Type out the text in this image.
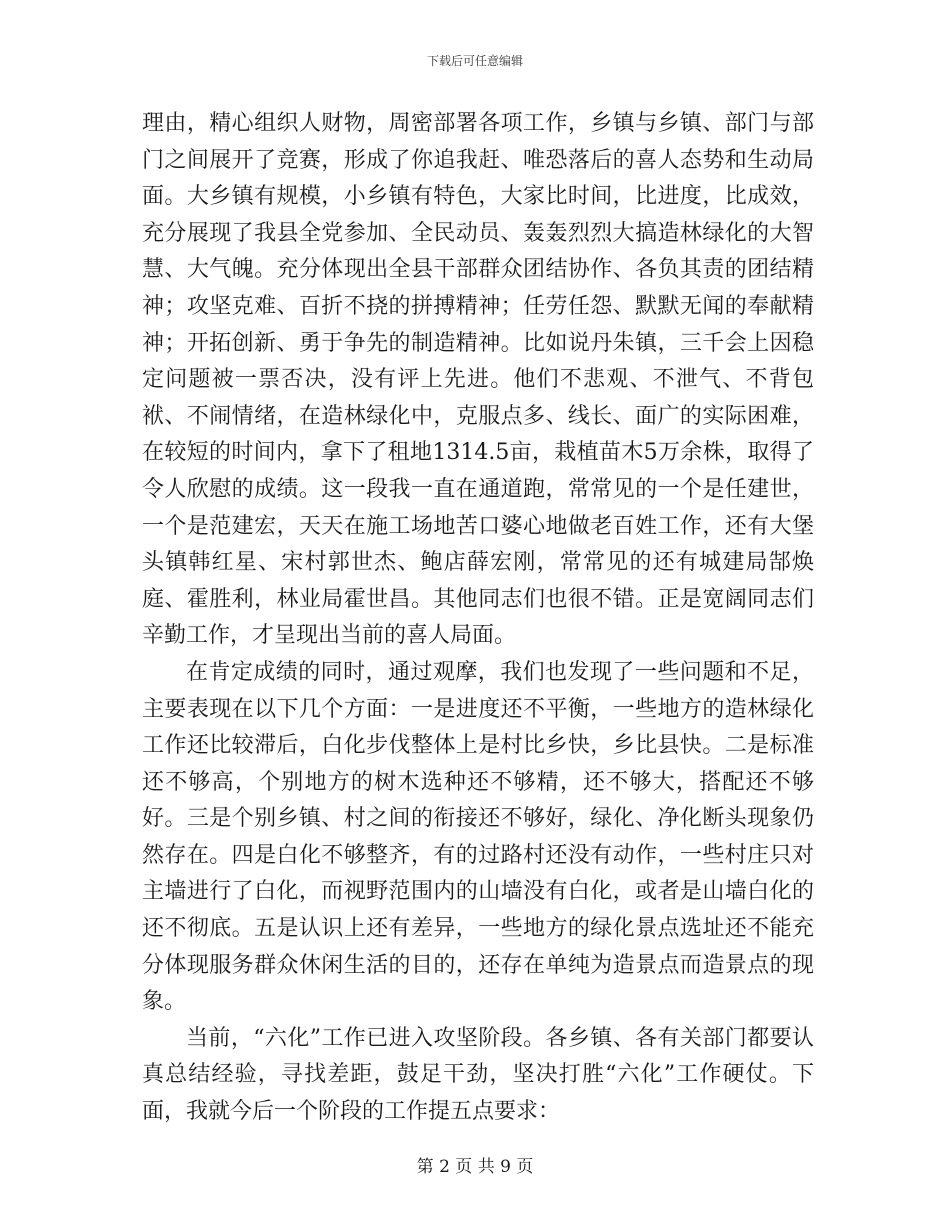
下载后可任意编辑

理由，精心组织人财物，周密部署各项工作，乡镇与乡镇、部门与部门之间展开了竞赛，形成了你追我赶、唯恐落后的喜人态势和生动局面。大乡镇有规模，小乡镇有特色，大家比时间，比进度，比成效，充分展现了我县全党参加、全民动员、轰轰烈烈大搞造林绿化的大智慧、大气魄。充分体现出全县干部群众团结协作、各负其责的团结精神；攻坚克难、百折不挠的拼搏精神；任劳任怨、默默无闻的奉献精神；开拓创新、勇于争先的制造精神。比如说丹朱镇，三千会上因稳定问题被一票否决，没有评上先进。他们不悲观、不泄气、不背包袱、不闹情绪，在造林绿化中，克服点多、线长、面广的实际困难，在较短的时间内，拿下了租地1314.5亩，栽植苗木5万余株，取得了令人欣慰的成绩。这一段我一直在通道跑，常常见的一个是任建世，一个是范建宏，天天在施工场地苦口婆心地做老百姓工作，还有大堡头镇韩红星、宋村郭世杰、鲍店薛宏刚，常常见的还有城建局郜焕庭、霍胜利，林业局霍世昌。其他同志们也很不错。正是宽阔同志们辛勤工作，才呈现出当前的喜人局面。

在肯定成绩的同时，通过观摩，我们也发现了一些问题和不足，主要表现在以下几个方面：一是进度还不平衡，一些地方的造林绿化工作还比较滞后，白化步伐整体上是村比乡快，乡比县快。二是标准还不够高，个别地方的树木选种还不够精，还不够大，搭配还不够好。三是个别乡镇、村之间的衔接还不够好，绿化、净化断头现象仍然存在。四是白化不够整齐，有的过路村还没有动作，一些村庄只对主墙进行了白化，而视野范围内的山墙没有白化，或者是山墙白化的还不彻底。五是认识上还有差异，一些地方的绿化景点选址还不能充分体现服务群众休闲生活的目的，还存在单纯为造景点而造景点的现象。

当前，“六化”工作已进入攻坚阶段。各乡镇、各有关部门都要认真总结经验，寻找差距，鼓足干劲，坚决打胜“六化”工作硬仗。下面，我就今后一个阶段的工作提五点要求：

第 2 页 共 9 页
